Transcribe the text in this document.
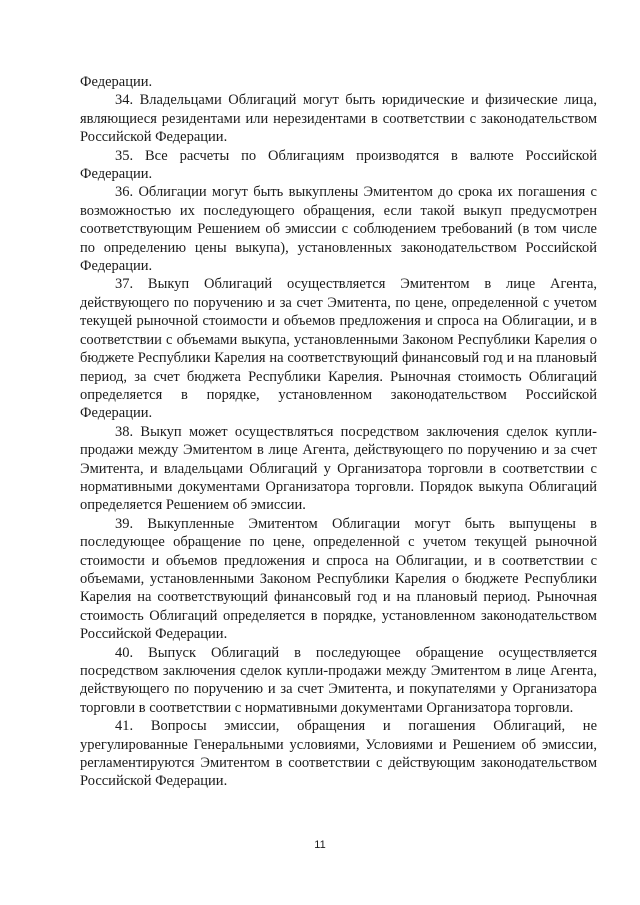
Федерации.

34. Владельцами Облигаций могут быть юридические и физические лица, являющиеся резидентами или нерезидентами в соответствии с законодательством Российской Федерации.

35. Все расчеты по Облигациям производятся в валюте Российской Федерации.

36. Облигации могут быть выкуплены Эмитентом до срока их погашения с возможностью их последующего обращения, если такой выкуп предусмотрен соответствующим Решением об эмиссии с соблюдением требований (в том числе по определению цены выкупа), установленных законодательством Российской Федерации.

37. Выкуп Облигаций осуществляется Эмитентом в лице Агента, действующего по поручению и за счет Эмитента, по цене, определенной с учетом текущей рыночной стоимости и объемов предложения и спроса на Облигации, и в соответствии с объемами выкупа, установленными Законом Республики Карелия о бюджете Республики Карелия на соответствующий финансовый год и на плановый период, за счет бюджета Республики Карелия. Рыночная стоимость Облигаций определяется в порядке, установленном законодательством Российской Федерации.

38. Выкуп может осуществляться посредством заключения сделок купли-продажи между Эмитентом в лице Агента, действующего по поручению и за счет Эмитента, и владельцами Облигаций у Организатора торговли в соответствии с нормативными документами Организатора торговли. Порядок выкупа Облигаций определяется Решением об эмиссии.

39. Выкупленные Эмитентом Облигации могут быть выпущены в последующее обращение по цене, определенной с учетом текущей рыночной стоимости и объемов предложения и спроса на Облигации, и в соответствии с объемами, установленными Законом Республики Карелия о бюджете Республики Карелия на соответствующий финансовый год и на плановый период. Рыночная стоимость Облигаций определяется в порядке, установленном законодательством Российской Федерации.

40. Выпуск Облигаций в последующее обращение осуществляется посредством заключения сделок купли-продажи между Эмитентом в лице Агента, действующего по поручению и за счет Эмитента, и покупателями у Организатора торговли в соответствии с нормативными документами Организатора торговли.

41. Вопросы эмиссии, обращения и погашения Облигаций, не урегулированные Генеральными условиями, Условиями и Решением об эмиссии, регламентируются Эмитентом в соответствии с действующим законодательством Российской Федерации.

11
